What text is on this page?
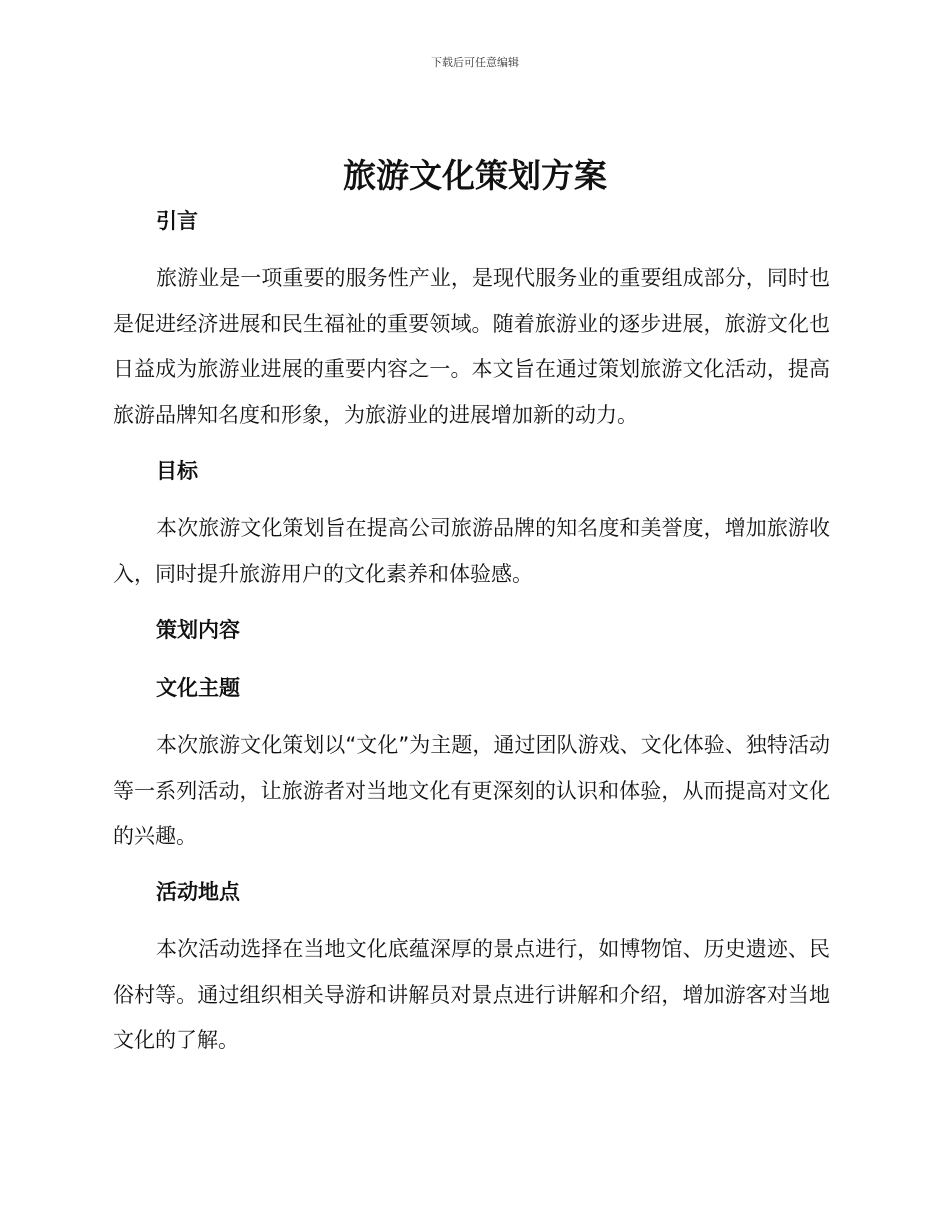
下载后可任意编辑
旅游文化策划方案
引言

旅游业是一项重要的服务性产业，是现代服务业的重要组成部分，同时也是促进经济进展和民生福祉的重要领域。随着旅游业的逐步进展，旅游文化也日益成为旅游业进展的重要内容之一。本文旨在通过策划旅游文化活动，提高旅游品牌知名度和形象，为旅游业的进展增加新的动力。

目标

本次旅游文化策划旨在提高公司旅游品牌的知名度和美誉度，增加旅游收入，同时提升旅游用户的文化素养和体验感。

策划内容
文化主题

本次旅游文化策划以“文化”为主题，通过团队游戏、文化体验、独特活动等一系列活动，让旅游者对当地文化有更深刻的认识和体验，从而提高对文化的兴趣。

活动地点

本次活动选择在当地文化底蕴深厚的景点进行，如博物馆、历史遗迹、民俗村等。通过组织相关导游和讲解员对景点进行讲解和介绍，增加游客对当地文化的了解。
